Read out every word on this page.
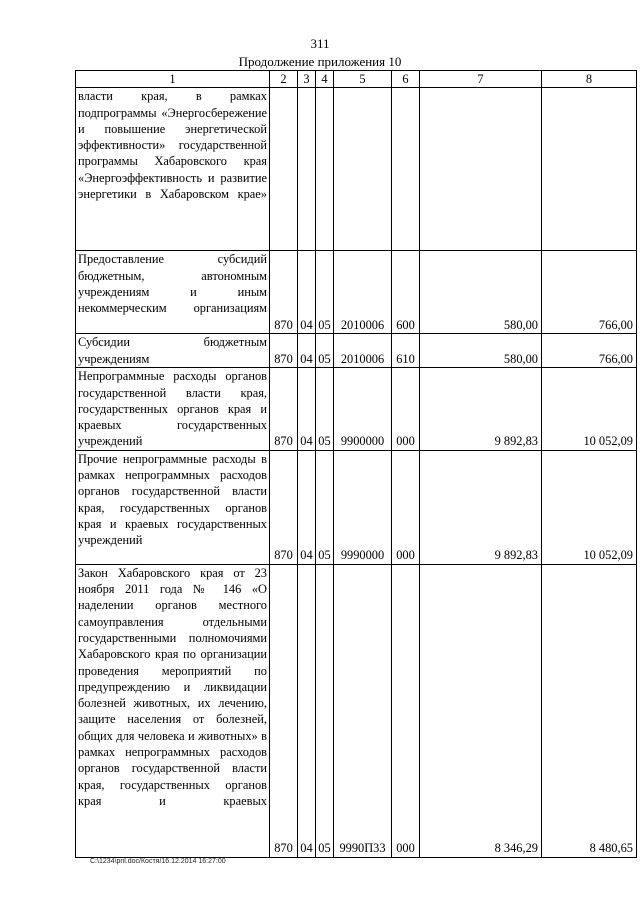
311
Продолжение приложения 10
1	2	3	4	5	6	7	8
власти края, в рамках подпрограммы «Энергосбережение и повышение энергетической эффективности» государственной программы Хабаровского края «Энергоэффективность и развитие энергетики в Хабаровском крае»							
Предоставление субсидий бюджетным, автономным учреждениям и иным некоммерческим организациям	870	04	05	2010006	600	580,00	766,00
Субсидии бюджетным учреждениям	870	04	05	2010006	610	580,00	766,00
Непрограммные расходы органов государственной власти края, государственных органов края и краевых государственных учреждений	870	04	05	9900000	000	9 892,83	10 052,09
Прочие непрограммные расходы в рамках непрограммных расходов органов государственной власти края, государственных органов края и краевых государственных учреждений	870	04	05	9990000	000	9 892,83	10 052,09
Закон Хабаровского края от 23 ноября 2011 года № 146 «О наделении органов местного самоуправления отдельными государственными полномочиями Хабаровского края по организации проведения мероприятий по предупреждению и ликвидации болезней животных, их лечению, защите населения от болезней, общих для человека и животных» в рамках непрограммных расходов органов государственной власти края, государственных органов края и краевых	870	04	05	9990П33	000	8 346,29	8 480,65
C:\1234\pril.doc/Костя/16.12.2014 16:27:00
